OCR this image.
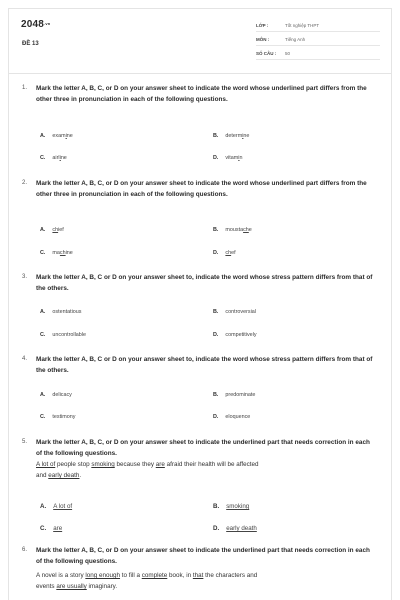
$2048^{.vn}$
ĐỀ 13
LỚP :	Tốt nghiệp THPT
MÔN :	Tiếng Anh
SỐ CÂU : 50
1. Mark the letter A, B, C, or D on your answer sheet to indicate the word whose underlined part differs from the other three in pronunciation in each of the following questions.
A. examine	B. determine
C. airline	D. vitamin
2. Mark the letter A, B, C, or D on your answer sheet to indicate the word whose underlined part differs from the other three in pronunciation in each of the following questions.
A. chief	B. moustache
C. machine	D. chef
3. Mark the letter A, B, C or D on your answer sheet to, indicate the word whose stress pattern differs from that of the others.
A. ostentatious	B. controversial
C. uncontrollable	D. competitively
4. Mark the letter A, B, C or D on your answer sheet to, indicate the word whose stress pattern differs from that of the others.
A. delicacy	B. predominate
C. testimony	D. eloquence
5. Mark the letter A, B, C, or D on your answer sheet to indicate the underlined part that needs correction in each of the following questions.
A lot of people stop smoking because they are afraid their health will be affected
and early death.
A. A lot of	B. smoking
C. are	D. early death
6. Mark the letter A, B, C, or D on your answer sheet to indicate the underlined part that needs correction in each of the following questions.
A novel is a story long enough to fill a complete book, in that the characters and
events are usually imaginary.
